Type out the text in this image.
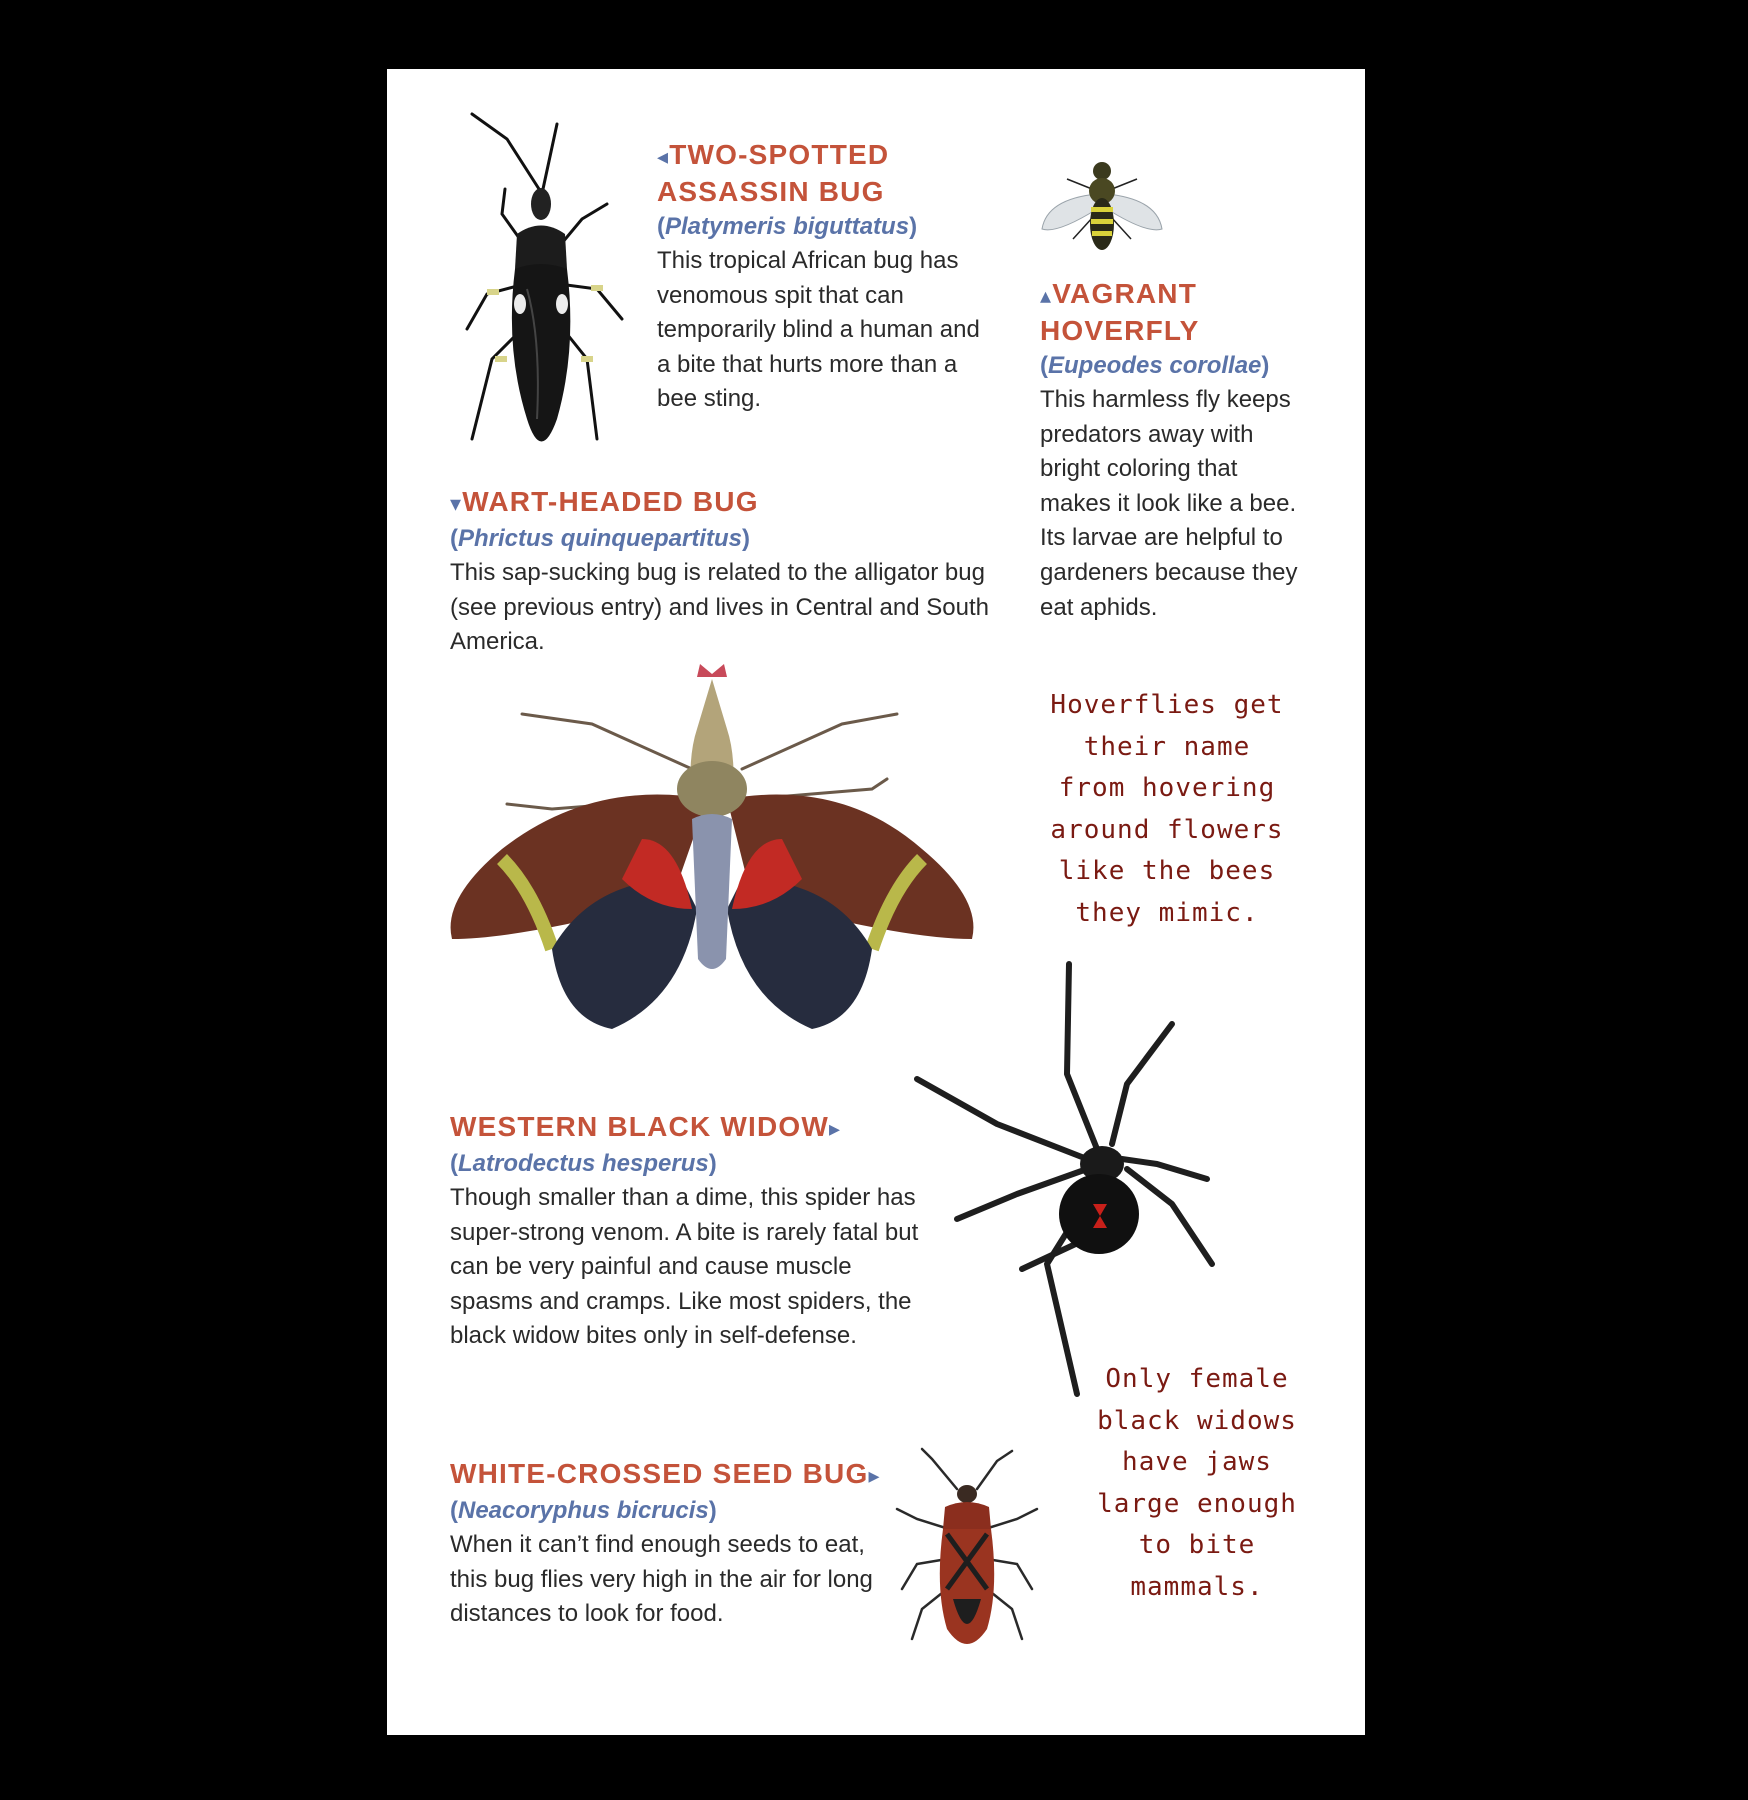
◂TWO-SPOTTED
ASSASSIN BUG
(Platymeris biguttatus)
This tropical African bug has venomous spit that can temporarily blind a human and a bite that hurts more than a bee sting.
▴VAGRANT
HOVERFLY
(Eupeodes corollae)
This harmless fly keeps predators away with bright coloring that makes it look like a bee. Its larvae are helpful to gardeners because they eat aphids.
▾WART-HEADED BUG
(Phrictus quinquepartitus)
This sap-sucking bug is related to the alligator bug (see previous entry) and lives in Central and South America.
Hoverflies get
their name
from hovering
around flowers
like the bees
they mimic.
WESTERN BLACK WIDOW▸
(Latrodectus hesperus)
Though smaller than a dime, this spider has super-strong venom. A bite is rarely fatal but can be very painful and cause muscle spasms and cramps. Like most spiders, the black widow bites only in self-defense.
Only female
black widows
have jaws
large enough
to bite
mammals.
WHITE-CROSSED SEED BUG▸
(Neacoryphus bicrucis)
When it can’t find enough seeds to eat, this bug flies very high in the air for long distances to look for food.
